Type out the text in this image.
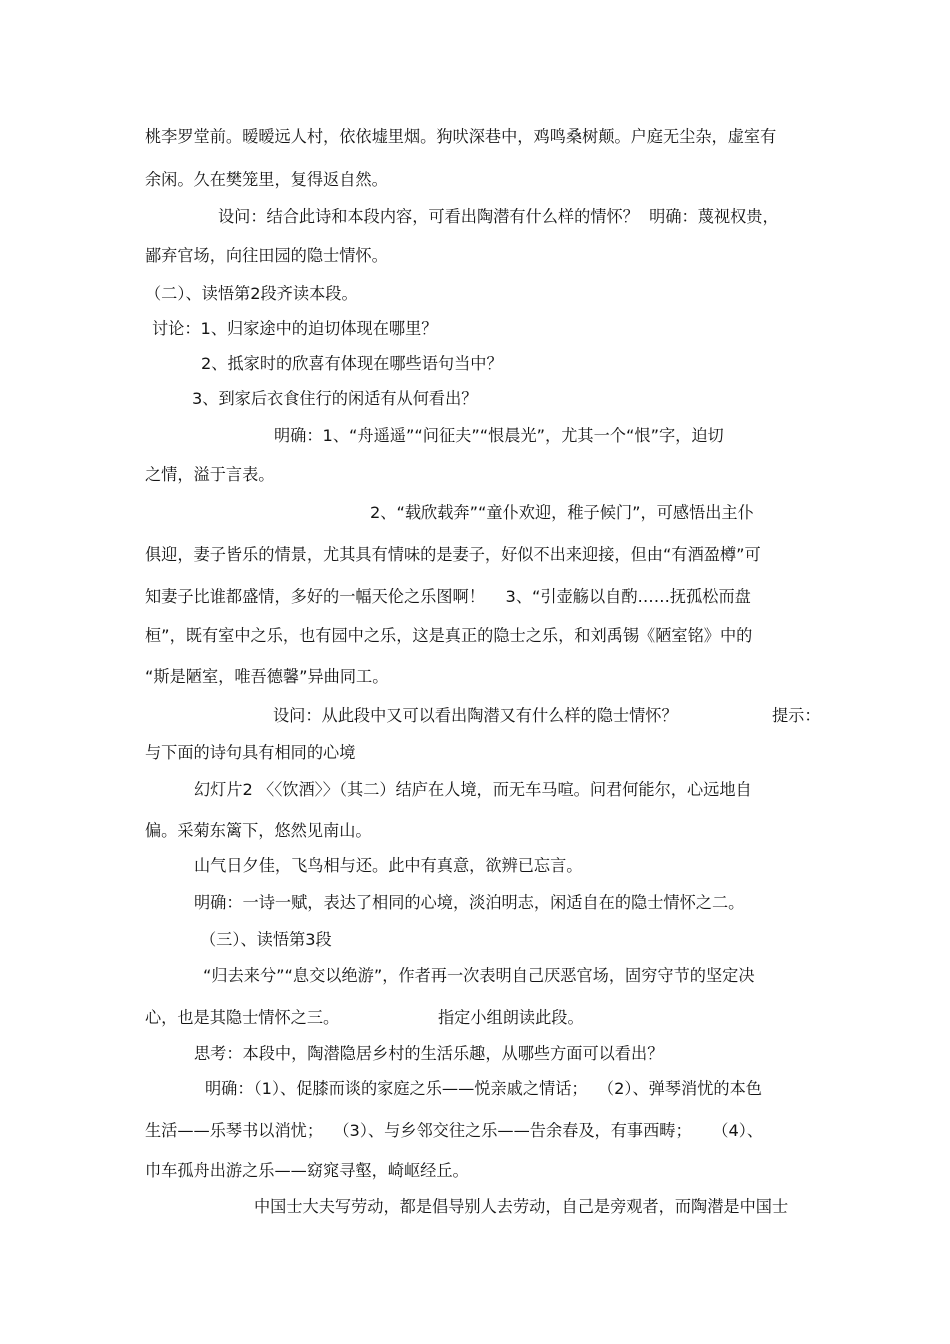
桃李罗堂前。暧暧远人村，依依墟里烟。狗吠深巷中，鸡鸣桑树颠。户庭无尘杂，虚室有

余闲。久在樊笼里，复得返自然。

设问：结合此诗和本段内容，可看出陶潜有什么样的情怀？  明确：蔑视权贵，

鄙弃官场，向往田园的隐士情怀。

（二）、读悟第2段齐读本段。

讨论：1、归家途中的迫切体现在哪里？

2、抵家时的欣喜有体现在哪些语句当中？

3、到家后衣食住行的闲适有从何看出？

明确：1、“舟遥遥”“问征夫”“恨晨光”，尤其一个“恨”字，迫切

之情，溢于言表。

2、“载欣载奔”“童仆欢迎，稚子候门”，可感悟出主仆

俱迎，妻子皆乐的情景，尤其具有情味的是妻子，好似不出来迎接，但由“有酒盈樽”可

知妻子比谁都盛情，多好的一幅天伦之乐图啊！    3、“引壶觞以自酌……抚孤松而盘

桓”，既有室中之乐，也有园中之乐，这是真正的隐士之乐，和刘禹锡《陋室铭》中的

“斯是陋室，唯吾德馨”异曲同工。

设问：从此段中又可以看出陶潜又有什么样的隐士情怀？	提示：

与下面的诗句具有相同的心境

幻灯片2 〈〈饮酒〉〉（其二）结庐在人境，而无车马喧。问君何能尔，心远地自

偏。采菊东篱下，悠然见南山。

山气日夕佳，飞鸟相与还。此中有真意，欲辨已忘言。

明确：一诗一赋，表达了相同的心境，淡泊明志，闲适自在的隐士情怀之二。

（三）、读悟第3段

“归去来兮”“息交以绝游”，作者再一次表明自己厌恶官场，固穷守节的坚定决

心，也是其隐士情怀之三。	指定小组朗读此段。

思考：本段中，陶潜隐居乡村的生活乐趣，从哪些方面可以看出？

明确：（1）、促膝而谈的家庭之乐——悦亲戚之情话；  （2）、弹琴消忧的本色

生活——乐琴书以消忧；  （3）、与乡邻交往之乐——告余春及，有事西畴；    （4）、

巾车孤舟出游之乐——窈窕寻壑，崎岖经丘。

中国士大夫写劳动，都是倡导别人去劳动，自己是旁观者，而陶潜是中国士
